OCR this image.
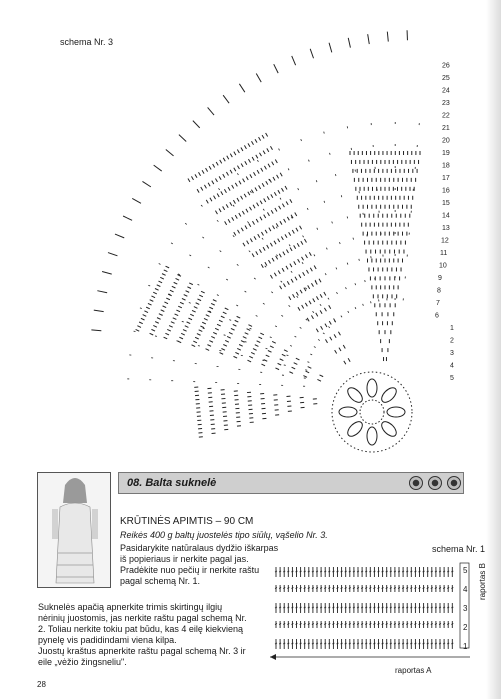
5
4
3
2
1
6
7
8
9
10
11
12
13
14
15
16
17
18
19
20
21
22
23
24
25
26
schema Nr. 3
08. Balta suknelė
KRŪTINĖS APIMTIS – 90 CM
Reikės 400 g baltų juostelės tipo siūlų, vąšelio Nr. 3.
Pasidarykite natūralaus dydžio iškarpas iš popieriaus ir nerkite pagal jas.
Pradėkite nuo pečių ir nerkite raštu pagal schemą Nr. 1.
Suknelės apačią apnerkite trimis skirtingų ilgių nėrinių juostomis, jas nerkite raštu pagal schemą Nr. 2. Toliau nerkite tokiu pat būdu, kas 4 eilę kiekvieną pynelę vis padidindami viena kilpa.
Juostų kraštus apnerkite raštu pagal schemą Nr. 3 ir eile „vėžio žingsneliu".
schema Nr. 1
5
4
3
2
1
raportas B
raportas A
28
